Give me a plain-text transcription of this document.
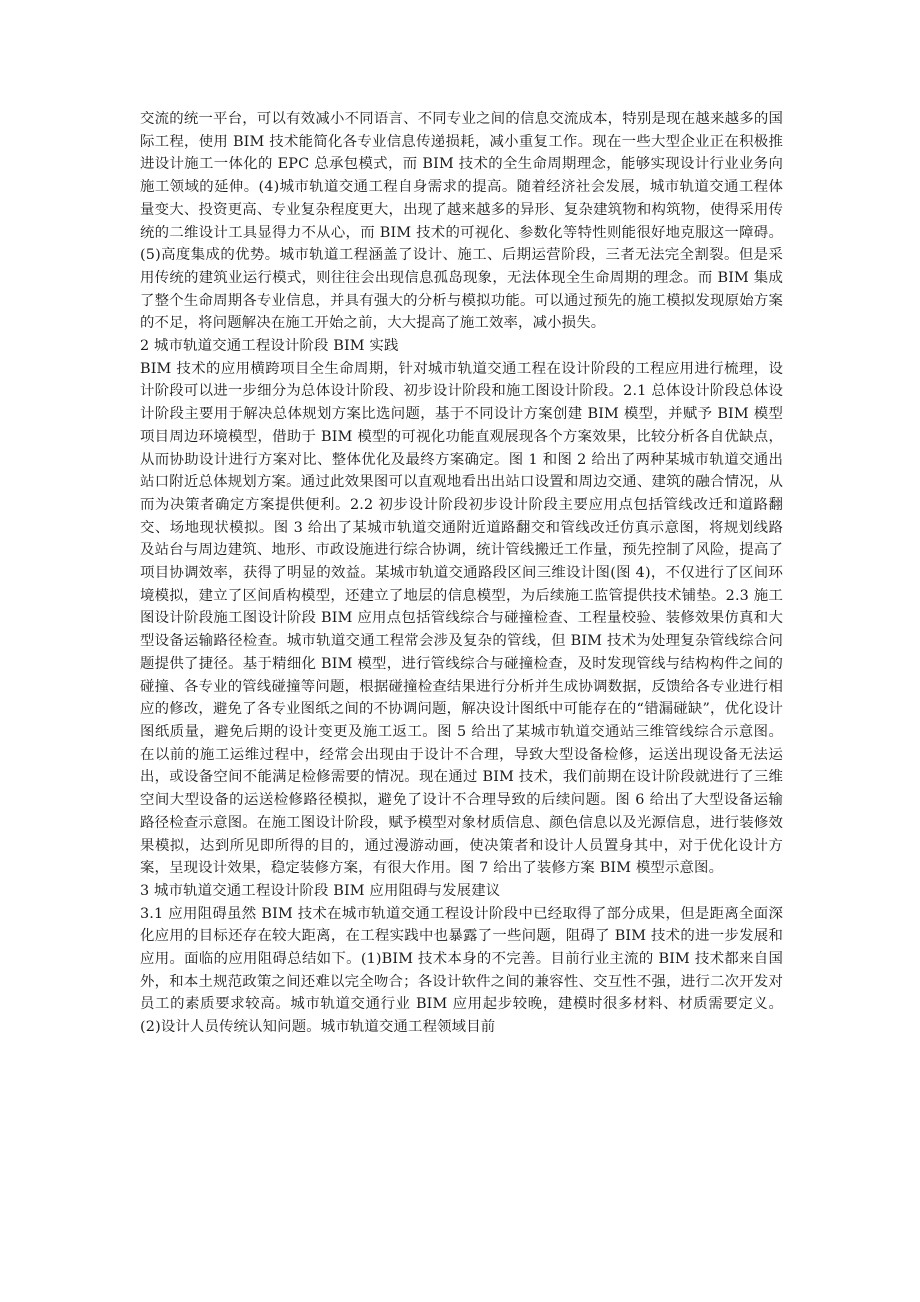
交流的统一平台，可以有效减小不同语言、不同专业之间的信息交流成本，特别是现在越来越多的国际工程，使用 BIM 技术能简化各专业信息传递损耗，减小重复工作。现在一些大型企业正在积极推进设计施工一体化的 EPC 总承包模式，而 BIM 技术的全生命周期理念，能够实现设计行业业务向施工领域的延伸。(4)城市轨道交通工程自身需求的提高。随着经济社会发展，城市轨道交通工程体量变大、投资更高、专业复杂程度更大，出现了越来越多的异形、复杂建筑物和构筑物，使得采用传统的二维设计工具显得力不从心，而 BIM 技术的可视化、参数化等特性则能很好地克服这一障碍。(5)高度集成的优势。城市轨道工程涵盖了设计、施工、后期运营阶段，三者无法完全割裂。但是采用传统的建筑业运行模式，则往往会出现信息孤岛现象，无法体现全生命周期的理念。而 BIM 集成了整个生命周期各专业信息，并具有强大的分析与模拟功能。可以通过预先的施工模拟发现原始方案的不足，将问题解决在施工开始之前，大大提高了施工效率，减小损失。

2 城市轨道交通工程设计阶段 BIM 实践

BIM 技术的应用横跨项目全生命周期，针对城市轨道交通工程在设计阶段的工程应用进行梳理，设计阶段可以进一步细分为总体设计阶段、初步设计阶段和施工图设计阶段。2.1 总体设计阶段总体设计阶段主要用于解决总体规划方案比选问题，基于不同设计方案创建 BIM 模型，并赋予 BIM 模型项目周边环境模型，借助于 BIM 模型的可视化功能直观展现各个方案效果，比较分析各自优缺点，从而协助设计进行方案对比、整体优化及最终方案确定。图 1 和图 2 给出了两种某城市轨道交通出站口附近总体规划方案。通过此效果图可以直观地看出出站口设置和周边交通、建筑的融合情况，从而为决策者确定方案提供便利。2.2 初步设计阶段初步设计阶段主要应用点包括管线改迁和道路翻交、场地现状模拟。图 3 给出了某城市轨道交通附近道路翻交和管线改迁仿真示意图，将规划线路及站台与周边建筑、地形、市政设施进行综合协调，统计管线搬迁工作量，预先控制了风险，提高了项目协调效率，获得了明显的效益。某城市轨道交通路段区间三维设计图(图 4)，不仅进行了区间环境模拟，建立了区间盾构模型，还建立了地层的信息模型，为后续施工监管提供技术铺垫。2.3 施工图设计阶段施工图设计阶段 BIM 应用点包括管线综合与碰撞检查、工程量校验、装修效果仿真和大型设备运输路径检查。城市轨道交通工程常会涉及复杂的管线，但 BIM 技术为处理复杂管线综合问题提供了捷径。基于精细化 BIM 模型，进行管线综合与碰撞检查，及时发现管线与结构构件之间的碰撞、各专业的管线碰撞等问题，根据碰撞检查结果进行分析并生成协调数据，反馈给各专业进行相应的修改，避免了各专业图纸之间的不协调问题，解决设计图纸中可能存在的“错漏碰缺”，优化设计图纸质量，避免后期的设计变更及施工返工。图 5 给出了某城市轨道交通站三维管线综合示意图。在以前的施工运维过程中，经常会出现由于设计不合理，导致大型设备检修，运送出现设备无法运出，或设备空间不能满足检修需要的情况。现在通过 BIM 技术，我们前期在设计阶段就进行了三维空间大型设备的运送检修路径模拟，避免了设计不合理导致的后续问题。图 6 给出了大型设备运输路径检查示意图。在施工图设计阶段，赋予模型对象材质信息、颜色信息以及光源信息，进行装修效果模拟，达到所见即所得的目的，通过漫游动画，使决策者和设计人员置身其中，对于优化设计方案，呈现设计效果，稳定装修方案，有很大作用。图 7 给出了装修方案 BIM 模型示意图。

3 城市轨道交通工程设计阶段 BIM 应用阻碍与发展建议

3.1 应用阻碍虽然 BIM 技术在城市轨道交通工程设计阶段中已经取得了部分成果，但是距离全面深化应用的目标还存在较大距离，在工程实践中也暴露了一些问题，阻碍了 BIM 技术的进一步发展和应用。面临的应用阻碍总结如下。(1)BIM 技术本身的不完善。目前行业主流的 BIM 技术都来自国外，和本土规范政策之间还难以完全吻合；各设计软件之间的兼容性、交互性不强，进行二次开发对员工的素质要求较高。城市轨道交通行业 BIM 应用起步较晚，建模时很多材料、材质需要定义。(2)设计人员传统认知问题。城市轨道交通工程领域目前
